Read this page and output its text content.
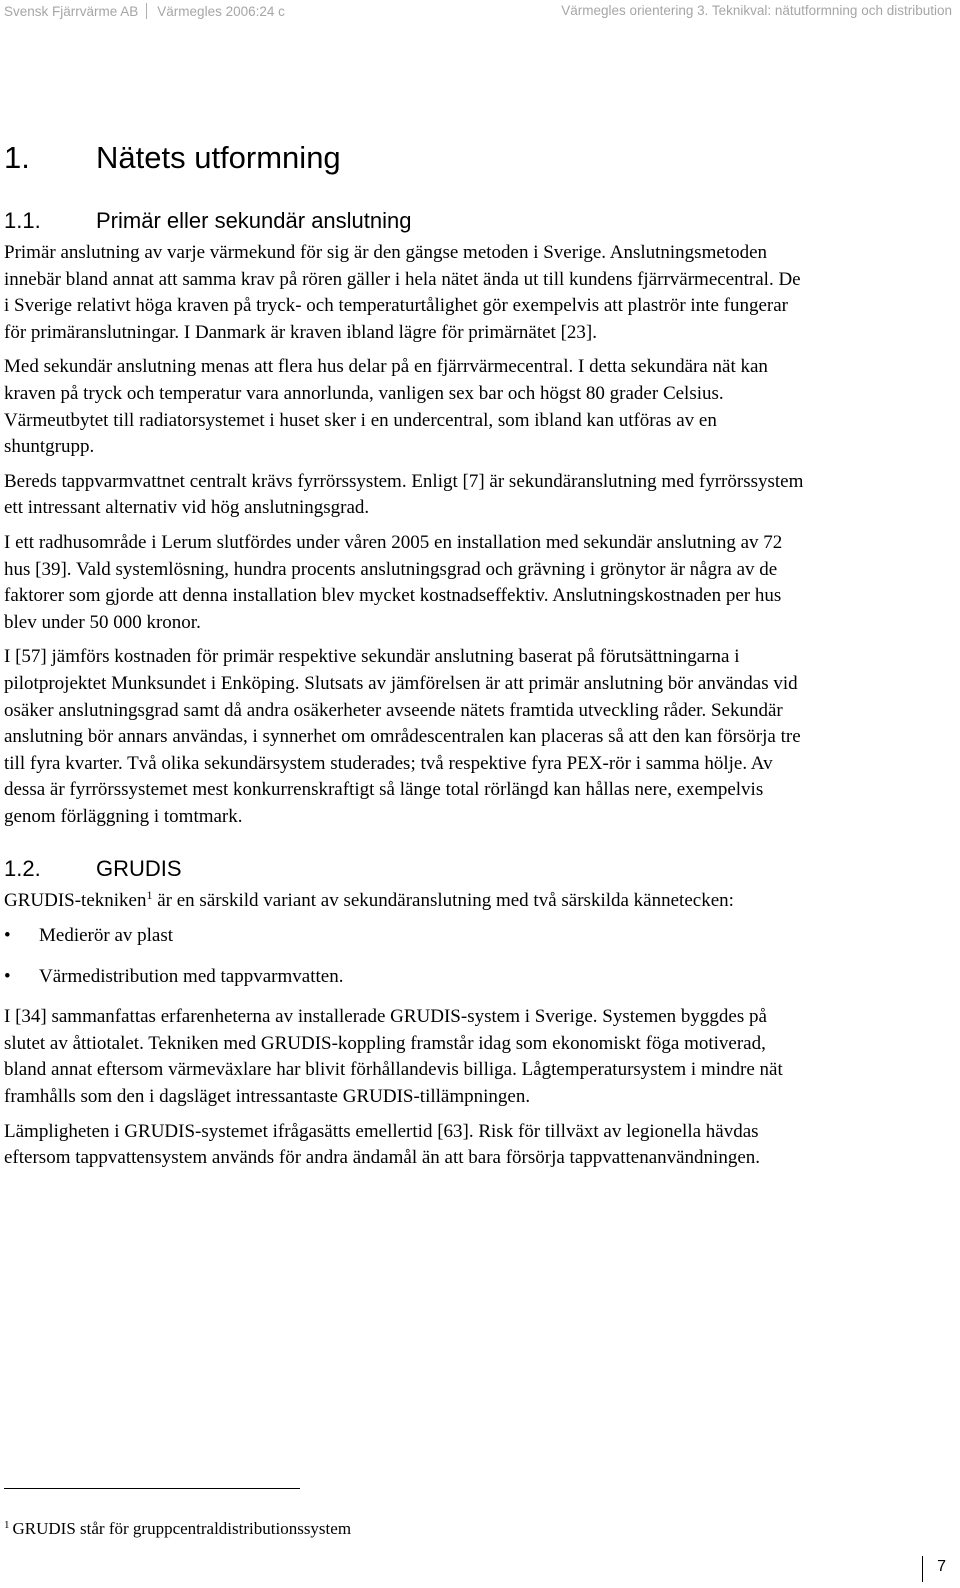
Svensk Fjärrvärme AB Värmegles 2006:24 c	Värmegles orientering 3. Teknikval: nätutformning och distribution
1. Nätets utformning
1.1.	Primär eller sekundär anslutning

Primär anslutning av varje värmekund för sig är den gängse metoden i Sverige. Anslutningsmetoden innebär bland annat att samma krav på rören gäller i hela nätet ända ut till kundens fjärrvärmecentral. De i Sverige relativt höga kraven på tryck- och temperaturtålighet gör exempelvis att plaströr inte fungerar för primäranslutningar. I Danmark är kraven ibland lägre för primärnätet [23].

Med sekundär anslutning menas att flera hus delar på en fjärrvärmecentral. I detta sekundära nät kan kraven på tryck och temperatur vara annorlunda, vanligen sex bar och högst 80 grader Celsius. Värmeutbytet till radiatorsystemet i huset sker i en undercentral, som ibland kan utföras av en shuntgrupp.

Bereds tappvarmvattnet centralt krävs fyrrörssystem. Enligt [7] är sekundäranslutning med fyrrörssystem ett intressant alternativ vid hög anslutningsgrad.

I ett radhusområde i Lerum slutfördes under våren 2005 en installation med sekundär anslutning av 72 hus [39]. Vald systemlösning, hundra procents anslutningsgrad och grävning i grönytor är några av de faktorer som gjorde att denna installation blev mycket kostnadseffektiv. Anslutningskostnaden per hus blev under 50 000 kronor.

I [57] jämförs kostnaden för primär respektive sekundär anslutning baserat på förutsättningarna i pilotprojektet Munksundet i Enköping. Slutsats av jämförelsen är att primär anslutning bör användas vid osäker anslutningsgrad samt då andra osäkerheter avseende nätets framtida utveckling råder. Sekundär anslutning bör annars användas, i synnerhet om områdescentralen kan placeras så att den kan försörja tre till fyra kvarter. Två olika sekundärsystem studerades; två respektive fyra PEX-rör i samma hölje. Av dessa är fyrrörssystemet mest konkurrenskraftigt så länge total rörlängd kan hållas nere, exempelvis genom förläggning i tomtmark.

1.2.	GRUDIS

GRUDIS-tekniken$^1$ är en särskild variant av sekundäranslutning med två särskilda kännetecken:

• Medierör av plast
• Värmedistribution med tappvarmvatten.

I [34] sammanfattas erfarenheterna av installerade GRUDIS-system i Sverige. Systemen byggdes på slutet av åttiotalet. Tekniken med GRUDIS-koppling framstår idag som ekonomiskt föga motiverad, bland annat eftersom värmeväxlare har blivit förhållandevis billiga. Lågtemperatursystem i mindre nät framhålls som den i dagsläget intressantaste GRUDIS-tillämpningen.

Lämpligheten i GRUDIS-systemet ifrågasätts emellertid [63]. Risk för tillväxt av legionella hävdas eftersom tappvattensystem används för andra ändamål än att bara försörja tappvattenanvändningen.

$^1$ GRUDIS står för gruppcentraldistributionssystem
7
